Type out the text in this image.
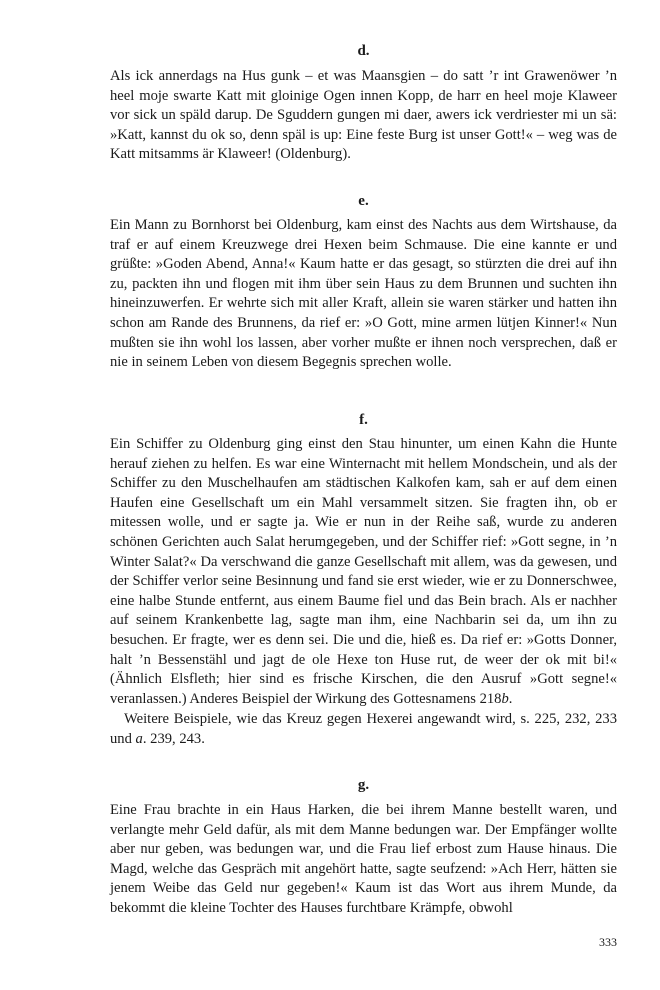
d.

Als ick annerdags na Hus gunk – et was Maansgien – do satt ’r int Grawenöwer ’n heel moje swarte Katt mit gloinige Ogen innen Kopp, de harr en heel moje Klaweer vor sick un späld darup. De Sguddern gungen mi daer, awers ick verdriester mi un sä: »Katt, kannst du ok so, denn späl is up: Eine feste Burg ist unser Gott!« – weg was de Katt mitsamms är Klaweer! (Oldenburg).

e.

Ein Mann zu Bornhorst bei Oldenburg, kam einst des Nachts aus dem Wirtshause, da traf er auf einem Kreuzwege drei Hexen beim Schmause. Die eine kannte er und grüßte: »Goden Abend, Anna!« Kaum hatte er das gesagt, so stürzten die drei auf ihn zu, packten ihn und flogen mit ihm über sein Haus zu dem Brunnen und suchten ihn hineinzuwerfen. Er wehrte sich mit aller Kraft, allein sie waren stärker und hatten ihn schon am Rande des Brunnens, da rief er: »O Gott, mine armen lütjen Kinner!« Nun mußten sie ihn wohl los lassen, aber vorher mußte er ihnen noch versprechen, daß er nie in seinem Leben von diesem Begegnis sprechen wolle.

f.

Ein Schiffer zu Oldenburg ging einst den Stau hinunter, um einen Kahn die Hunte herauf ziehen zu helfen. Es war eine Winternacht mit hellem Mondschein, und als der Schiffer zu den Muschelhaufen am städtischen Kalkofen kam, sah er auf dem einen Haufen eine Gesellschaft um ein Mahl versammelt sitzen. Sie fragten ihn, ob er mitessen wolle, und er sagte ja. Wie er nun in der Reihe saß, wurde zu anderen schönen Gerichten auch Salat herumgegeben, und der Schiffer rief: »Gott segne, in ’n Winter Salat?« Da verschwand die ganze Gesellschaft mit allem, was da gewesen, und der Schiffer verlor seine Besinnung und fand sie erst wieder, wie er zu Donnerschwee, eine halbe Stunde entfernt, aus einem Baume fiel und das Bein brach. Als er nachher auf seinem Krankenbette lag, sagte man ihm, eine Nachbarin sei da, um ihn zu besuchen. Er fragte, wer es denn sei. Die und die, hieß es. Da rief er: »Gotts Donner, halt ’n Bessenstähl und jagt de ole Hexe ton Huse rut, de weer der ok mit bi!« (Ähnlich Elsfleth; hier sind es frische Kirschen, die den Ausruf »Gott segne!« veranlassen.) Anderes Beispiel der Wirkung des Gottesnamens 218b.

Weitere Beispiele, wie das Kreuz gegen Hexerei angewandt wird, s. 225, 232, 233 und a. 239, 243.

g.

Eine Frau brachte in ein Haus Harken, die bei ihrem Manne bestellt waren, und verlangte mehr Geld dafür, als mit dem Manne bedungen war. Der Empfänger wollte aber nur geben, was bedungen war, und die Frau lief erbost zum Hause hinaus. Die Magd, welche das Gespräch mit angehört hatte, sagte seufzend: »Ach Herr, hätten sie jenem Weibe das Geld nur gegeben!« Kaum ist das Wort aus ihrem Munde, da bekommt die kleine Tochter des Hauses furchtbare Krämpfe, obwohl

333
